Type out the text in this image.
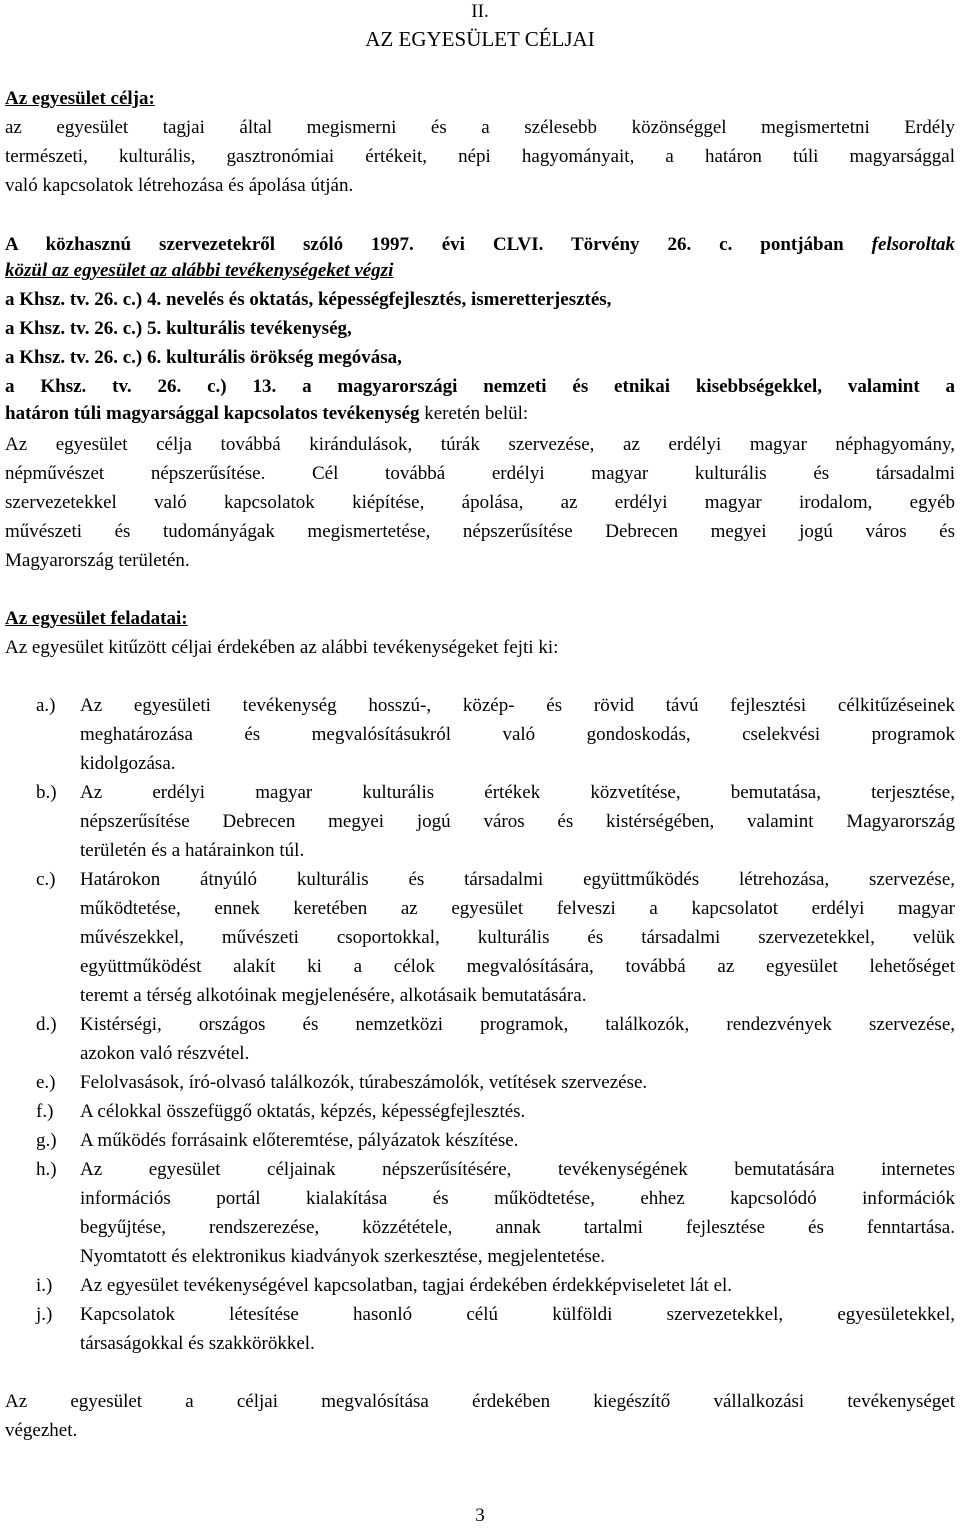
II.
AZ EGYESÜLET CÉLJAI
Az egyesület célja:
az egyesület tagjai által megismerni és a szélesebb közönséggel megismertetni Erdély
természeti, kulturális, gasztronómiai értékeit, népi hagyományait, a határon túli magyarsággal
való kapcsolatok létrehozása és ápolása útján.
A közhasznú szervezetekről szóló 1997. évi CLVI. Törvény 26. c. pontjában felsoroltak
közül az egyesület az alábbi tevékenységeket végzi
a Khsz. tv. 26. c.) 4. nevelés és oktatás, képességfejlesztés, ismeretterjesztés,
a Khsz. tv. 26. c.) 5. kulturális tevékenység,
a Khsz. tv. 26. c.) 6. kulturális örökség megóvása,
a Khsz. tv. 26. c.) 13. a magyarországi nemzeti és etnikai kisebbségekkel, valamint a
határon túli magyarsággal kapcsolatos tevékenység keretén belül:
Az egyesület célja továbbá kirándulások, túrák szervezése, az erdélyi magyar néphagyomány,
népművészet népszerűsítése. Cél továbbá erdélyi magyar kulturális és társadalmi
szervezetekkel való kapcsolatok kiépítése, ápolása, az erdélyi magyar irodalom, egyéb
művészeti és tudományágak megismertetése, népszerűsítése Debrecen megyei jogú város és
Magyarország területén.
Az egyesület feladatai:
Az egyesület kitűzött céljai érdekében az alábbi tevékenységeket fejti ki:
a.) Az egyesületi tevékenység hosszú-, közép- és rövid távú fejlesztési célkitűzéseinek
meghatározása és megvalósításukról való gondoskodás, cselekvési programok
kidolgozása.
b.) Az erdélyi magyar kulturális értékek közvetítése, bemutatása, terjesztése,
népszerűsítése Debrecen megyei jogú város és kistérségében, valamint Magyarország
területén és a határainkon túl.
c.) Határokon átnyúló kulturális és társadalmi együttműködés létrehozása, szervezése,
működtetése, ennek keretében az egyesület felveszi a kapcsolatot erdélyi magyar
művészekkel, művészeti csoportokkal, kulturális és társadalmi szervezetekkel, velük
együttműködést alakít ki a célok megvalósítására, továbbá az egyesület lehetőséget
teremt a térség alkotóinak megjelenésére, alkotásaik bemutatására.
d.) Kistérségi, országos és nemzetközi programok, találkozók, rendezvények szervezése,
azokon való részvétel.
e.) Felolvasások, író-olvasó találkozók, túrabeszámolók, vetítések szervezése.
f.) A célokkal összefüggő oktatás, képzés, képességfejlesztés.
g.) A működés forrásaink előteremtése, pályázatok készítése.
h.) Az egyesület céljainak népszerűsítésére, tevékenységének bemutatására internetes
információs portál kialakítása és működtetése, ehhez kapcsolódó információk
begyűjtése, rendszerezése, közzététele, annak tartalmi fejlesztése és fenntartása.
Nyomtatott és elektronikus kiadványok szerkesztése, megjelentetése.
i.) Az egyesület tevékenységével kapcsolatban, tagjai érdekében érdekképviseletet lát el.
j.) Kapcsolatok létesítése hasonló célú külföldi szervezetekkel, egyesületekkel,
társaságokkal és szakkörökkel.
Az egyesület a céljai megvalósítása érdekében kiegészítő vállalkozási tevékenységet
végezhet.
3
